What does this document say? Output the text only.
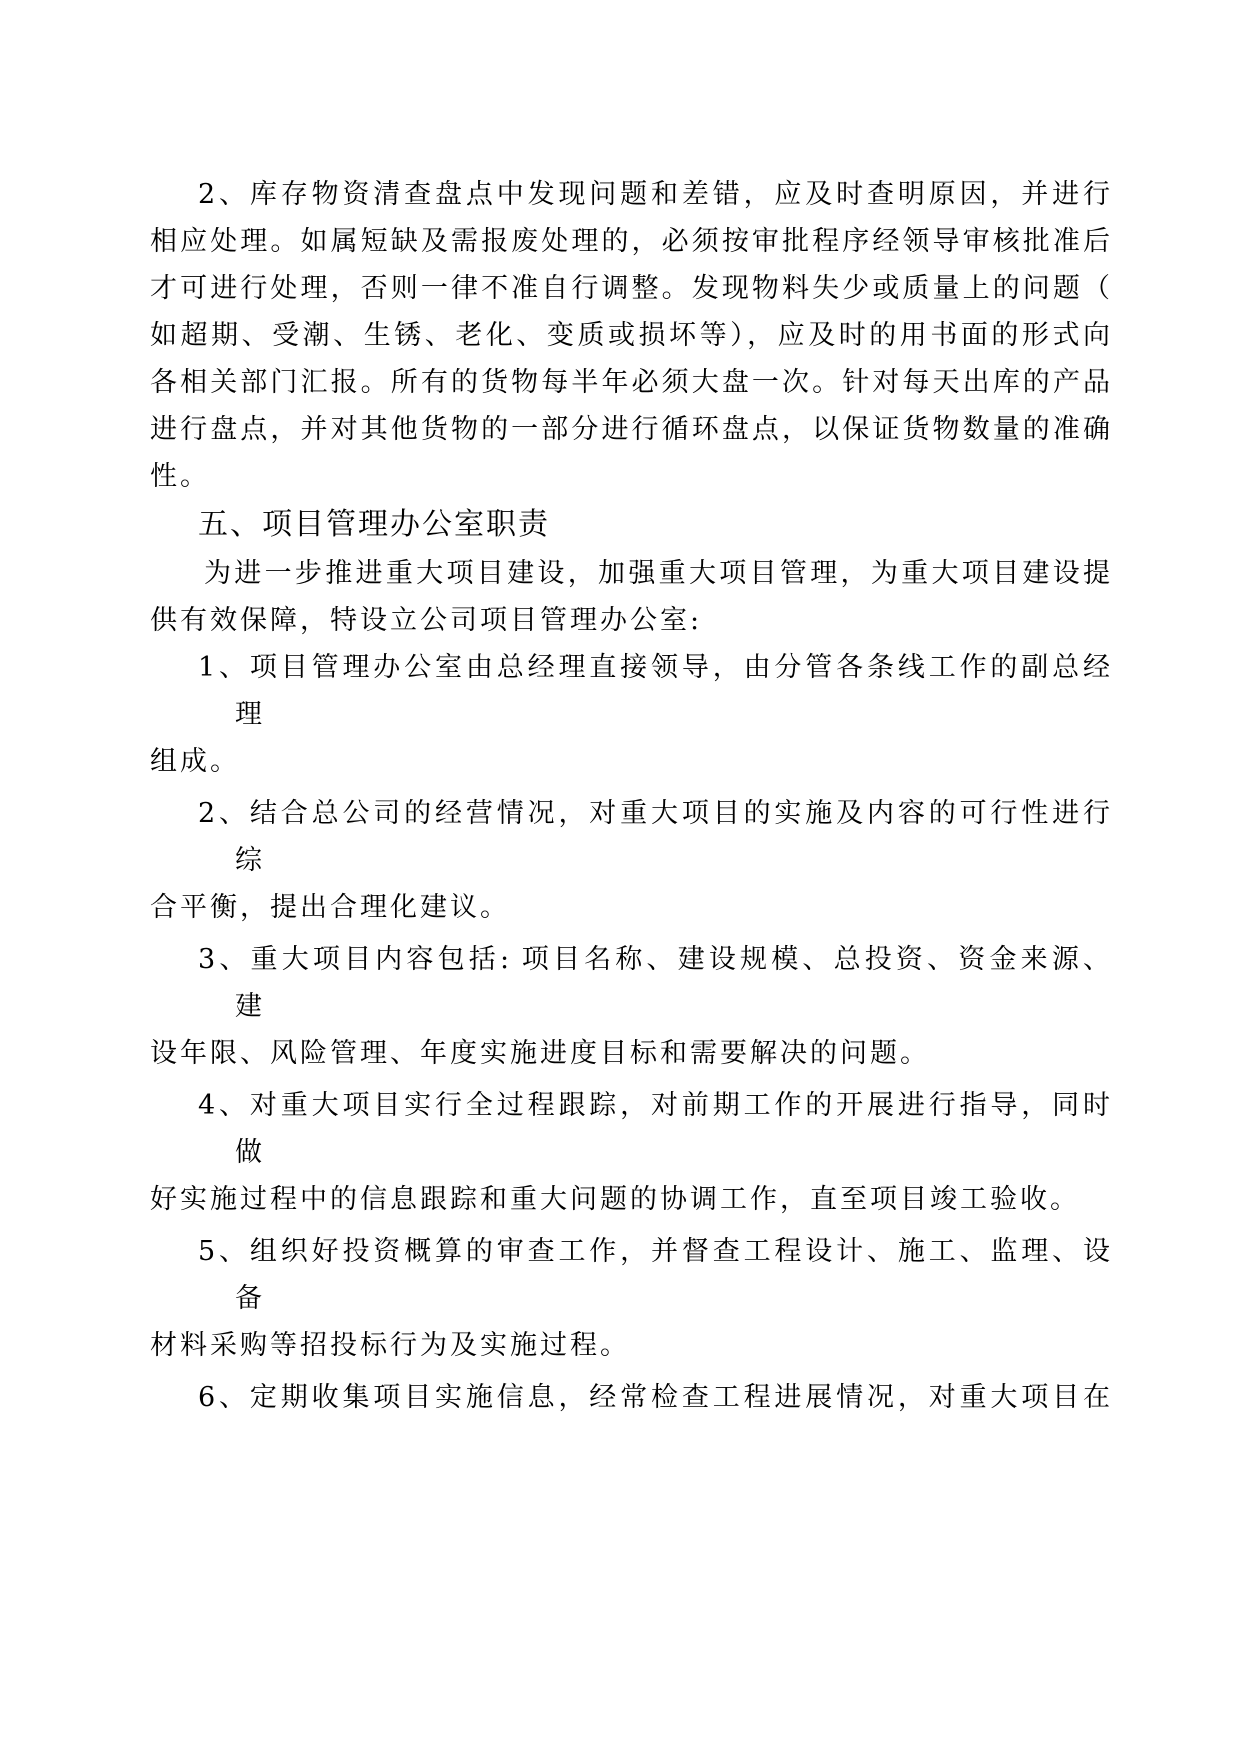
2、库存物资清查盘点中发现问题和差错，应及时查明原因，并进行
相应处理。如属短缺及需报废处理的，必须按审批程序经领导审核批准后
才可进行处理，否则一律不准自行调整。发现物料失少或质量上的问题（
如超期、受潮、生锈、老化、变质或损坏等），应及时的用书面的形式向
各相关部门汇报。所有的货物每半年必须大盘一次。针对每天出库的产品
进行盘点，并对其他货物的一部分进行循环盘点，以保证货物数量的准确
性。
五、项目管理办公室职责
为进一步推进重大项目建设，加强重大项目管理，为重大项目建设提
供有效保障，特设立公司项目管理办公室:
1、项目管理办公室由总经理直接领导，由分管各条线工作的副总经
理
组成。
2、结合总公司的经营情况，对重大项目的实施及内容的可行性进行
综
合平衡，提出合理化建议。
3、重大项目内容包括: 项目名称、建设规模、总投资、资金来源、
建
设年限、风险管理、年度实施进度目标和需要解决的问题。
4、对重大项目实行全过程跟踪，对前期工作的开展进行指导，同时
做
好实施过程中的信息跟踪和重大问题的协调工作，直至项目竣工验收。
5、组织好投资概算的审查工作，并督查工程设计、施工、监理、设
备
材料采购等招投标行为及实施过程。
6、定期收集项目实施信息，经常检查工程进展情况，对重大项目在
